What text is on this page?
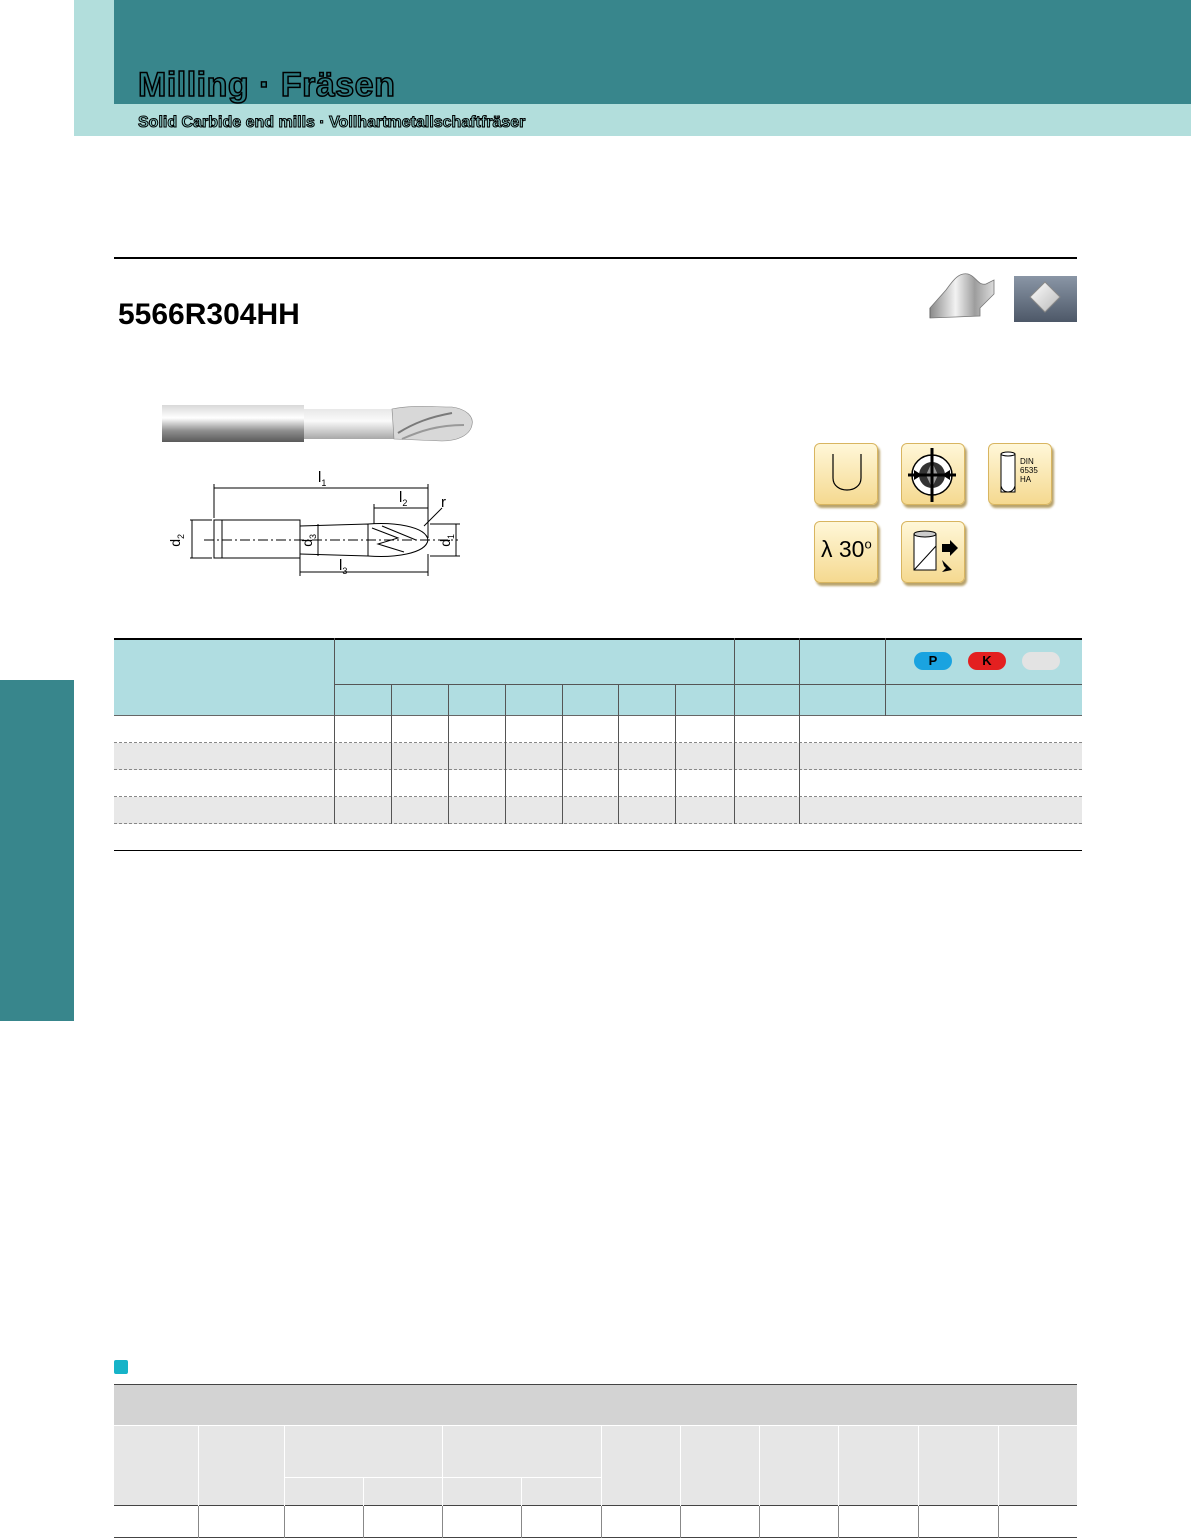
Milling · Fräsen
Solid Carbide end mills · Vollhartmetallschaftfräser
5566R304HH
$l_1$
$l_2$
$l_3$
r
$d_2$
$d_3$
$d_1$
DIN
6535
HA
λ 30$^o$
P	K
